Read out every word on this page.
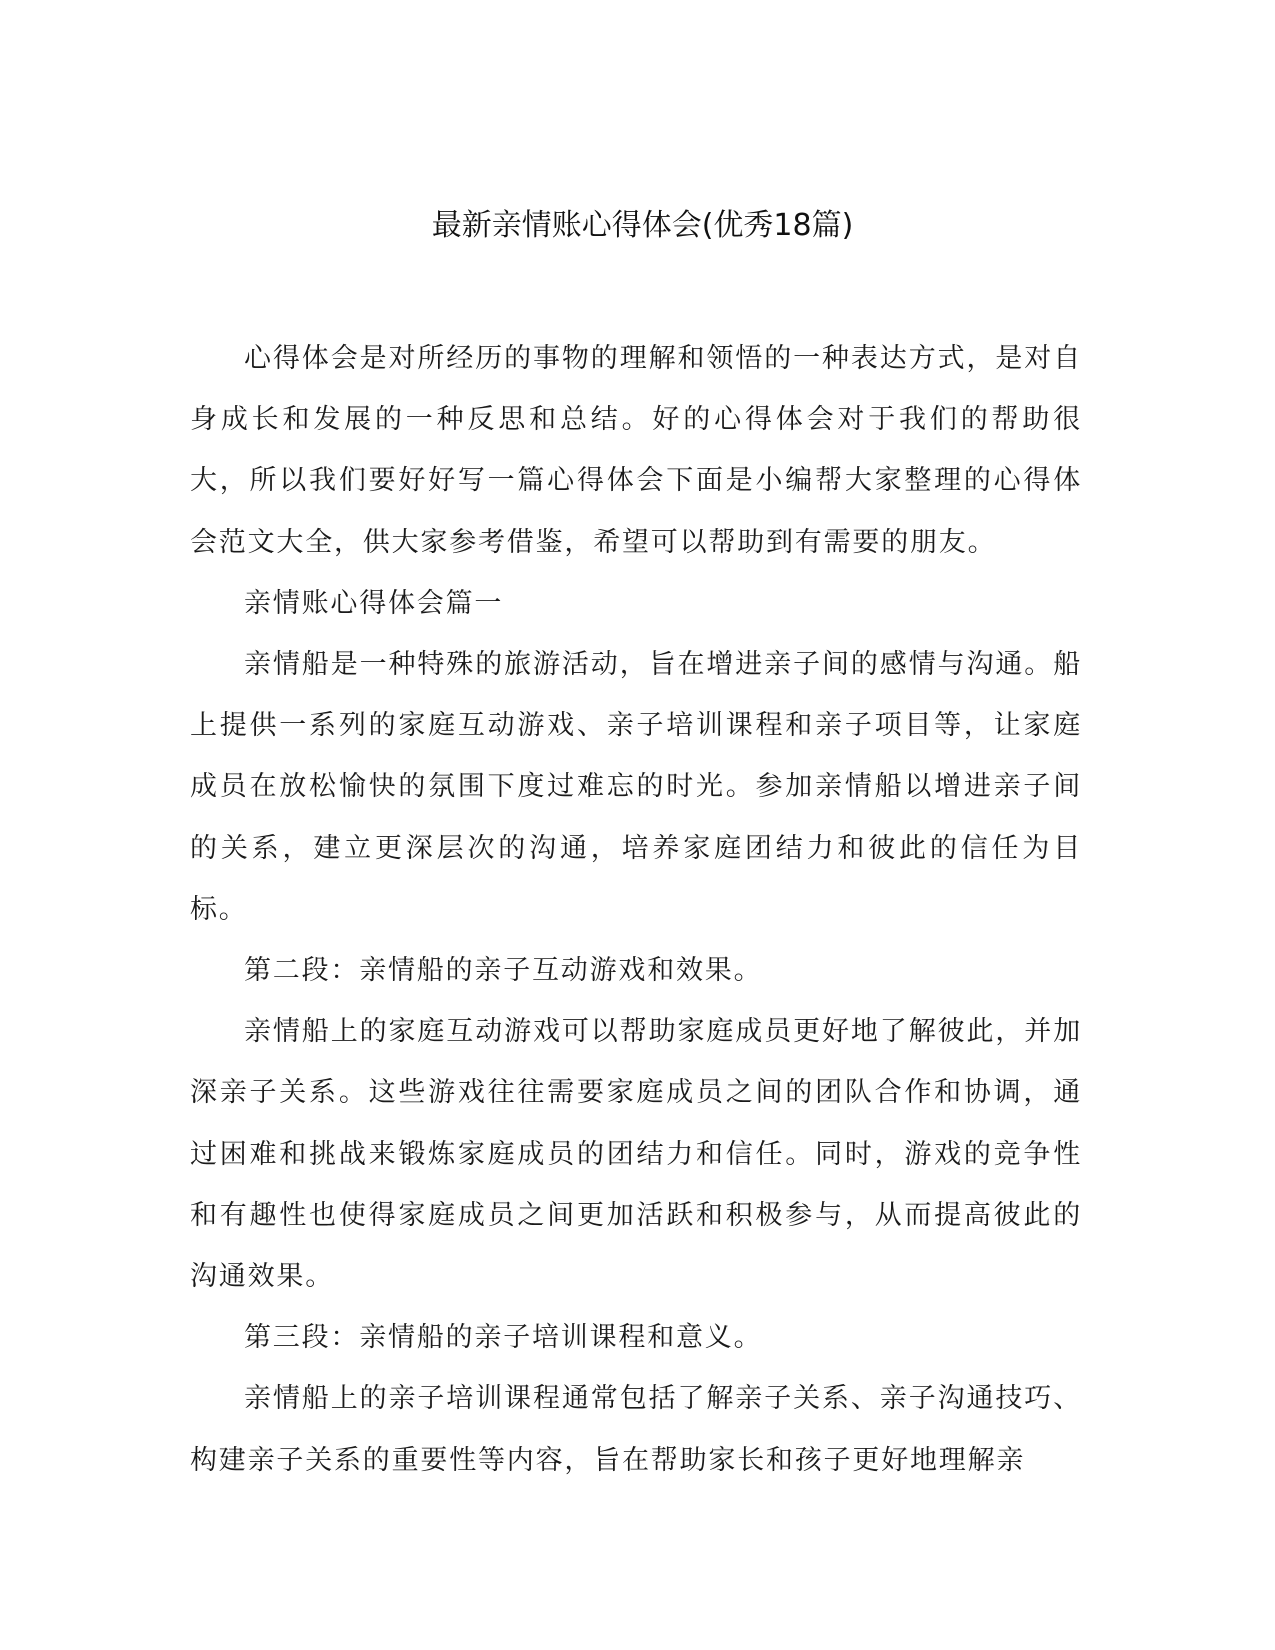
最新亲情账心得体会(优秀18篇)

心得体会是对所经历的事物的理解和领悟的一种表达方式，是对自身成长和发展的一种反思和总结。好的心得体会对于我们的帮助很大，所以我们要好好写一篇心得体会下面是小编帮大家整理的心得体会范文大全，供大家参考借鉴，希望可以帮助到有需要的朋友。

亲情账心得体会篇一

亲情船是一种特殊的旅游活动，旨在增进亲子间的感情与沟通。船上提供一系列的家庭互动游戏、亲子培训课程和亲子项目等，让家庭成员在放松愉快的氛围下度过难忘的时光。参加亲情船以增进亲子间的关系，建立更深层次的沟通，培养家庭团结力和彼此的信任为目标。

第二段：亲情船的亲子互动游戏和效果。

亲情船上的家庭互动游戏可以帮助家庭成员更好地了解彼此，并加深亲子关系。这些游戏往往需要家庭成员之间的团队合作和协调，通过困难和挑战来锻炼家庭成员的团结力和信任。同时，游戏的竞争性和有趣性也使得家庭成员之间更加活跃和积极参与，从而提高彼此的沟通效果。

第三段：亲情船的亲子培训课程和意义。

亲情船上的亲子培训课程通常包括了解亲子关系、亲子沟通技巧、构建亲子关系的重要性等内容，旨在帮助家长和孩子更好地理解亲
